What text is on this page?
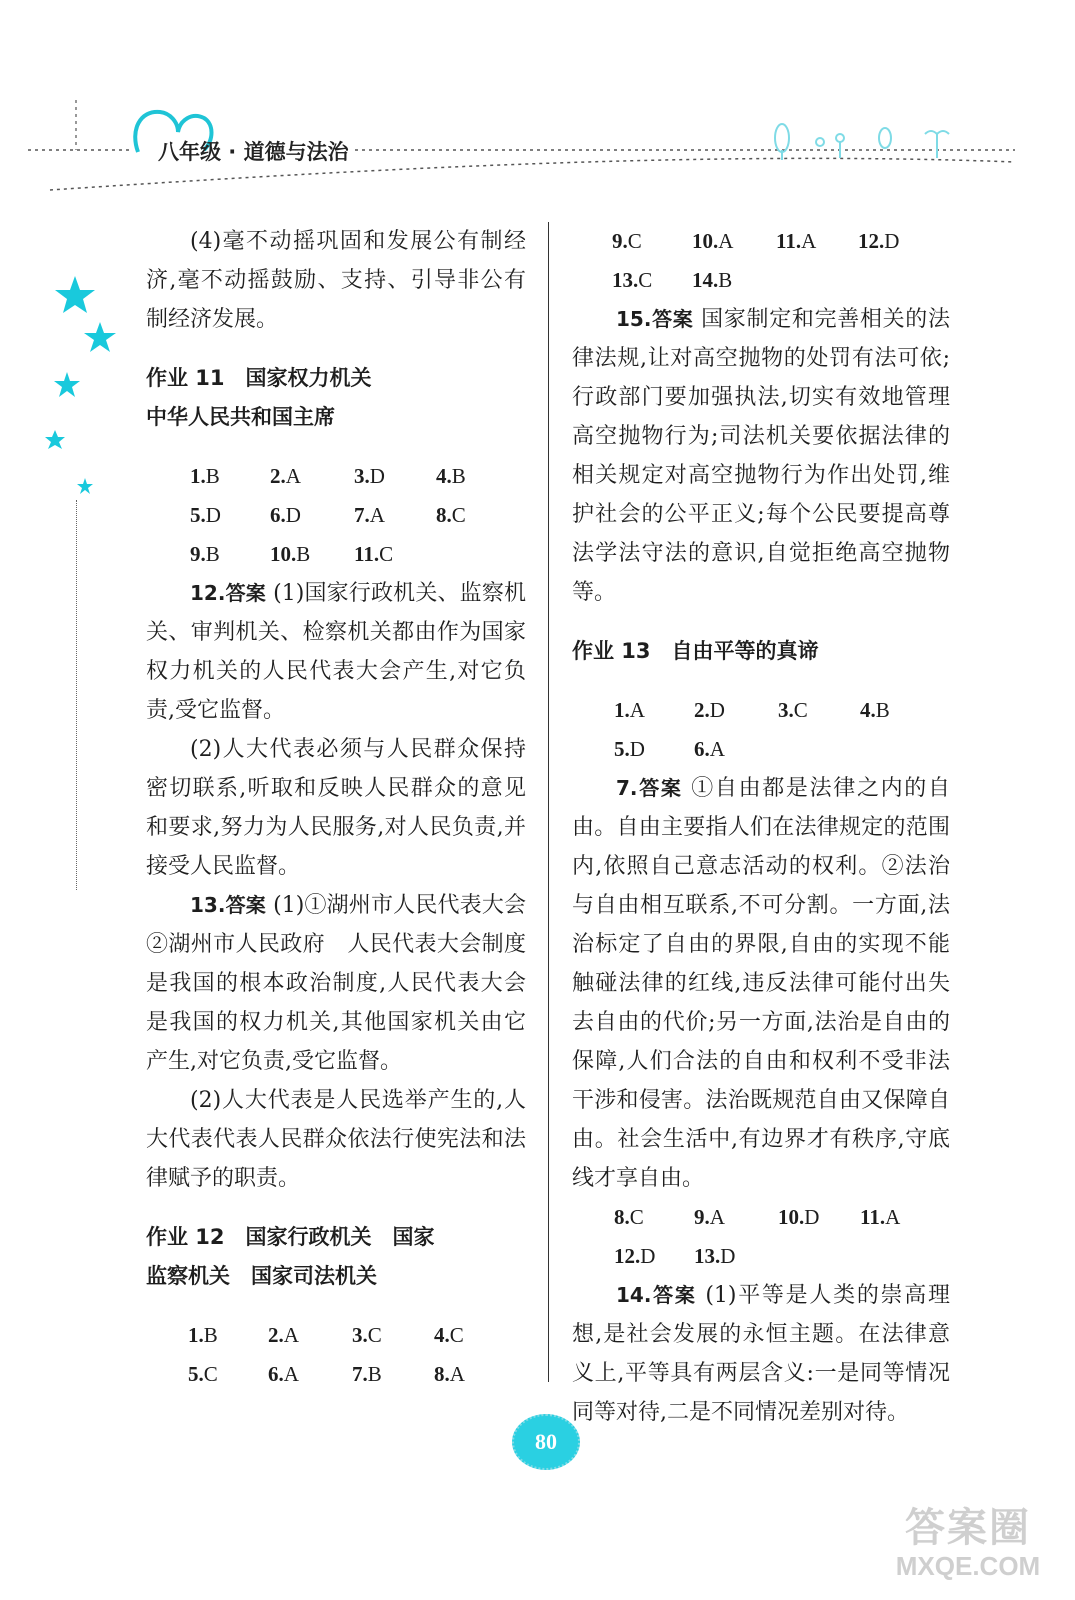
八年级 · 道德与法治

(4)毫不动摇巩固和发展公有制经济,毫不动摇鼓励、支持、引导非公有制经济发展。

作业 11　国家权力机关

中华人民共和国主席

1.B	2.A	3.D	4.B
5.D	6.D	7.A	8.C
9.B	10.B	11.C

12.答案 (1)国家行政机关、监察机关、审判机关、检察机关都由作为国家权力机关的人民代表大会产生,对它负责,受它监督。

(2)人大代表必须与人民群众保持密切联系,听取和反映人民群众的意见和要求,努力为人民服务,对人民负责,并接受人民监督。

13.答案 (1)①湖州市人民代表大会 ②湖州市人民政府　人民代表大会制度是我国的根本政治制度,人民代表大会是我国的权力机关,其他国家机关由它产生,对它负责,受它监督。

(2)人大代表是人民选举产生的,人大代表代表人民群众依法行使宪法和法律赋予的职责。

作业 12　国家行政机关　国家

监察机关　国家司法机关

1.B	2.A	3.C	4.C
5.C	6.A	7.B	8.A
9.C	10.A	11.A	12.D
13.C	14.B

15.答案 国家制定和完善相关的法律法规,让对高空抛物的处罚有法可依;行政部门要加强执法,切实有效地管理高空抛物行为;司法机关要依据法律的相关规定对高空抛物行为作出处罚,维护社会的公平正义;每个公民要提高尊法学法守法的意识,自觉拒绝高空抛物等。

作业 13　自由平等的真谛

1.A	2.D	3.C	4.B
5.D	6.A

7.答案 ①自由都是法律之内的自由。自由主要指人们在法律规定的范围内,依照自己意志活动的权利。②法治与自由相互联系,不可分割。一方面,法治标定了自由的界限,自由的实现不能触碰法律的红线,违反法律可能付出失去自由的代价;另一方面,法治是自由的保障,人们合法的自由和权利不受非法干涉和侵害。法治既规范自由又保障自由。社会生活中,有边界才有秩序,守底线才享自由。

8.C	9.A	10.D	11.A
12.D	13.D

14.答案 (1)平等是人类的崇高理想,是社会发展的永恒主题。在法律意义上,平等具有两层含义:一是同等情况同等对待,二是不同情况差别对待。

80
答案圈
MXQE.COM
